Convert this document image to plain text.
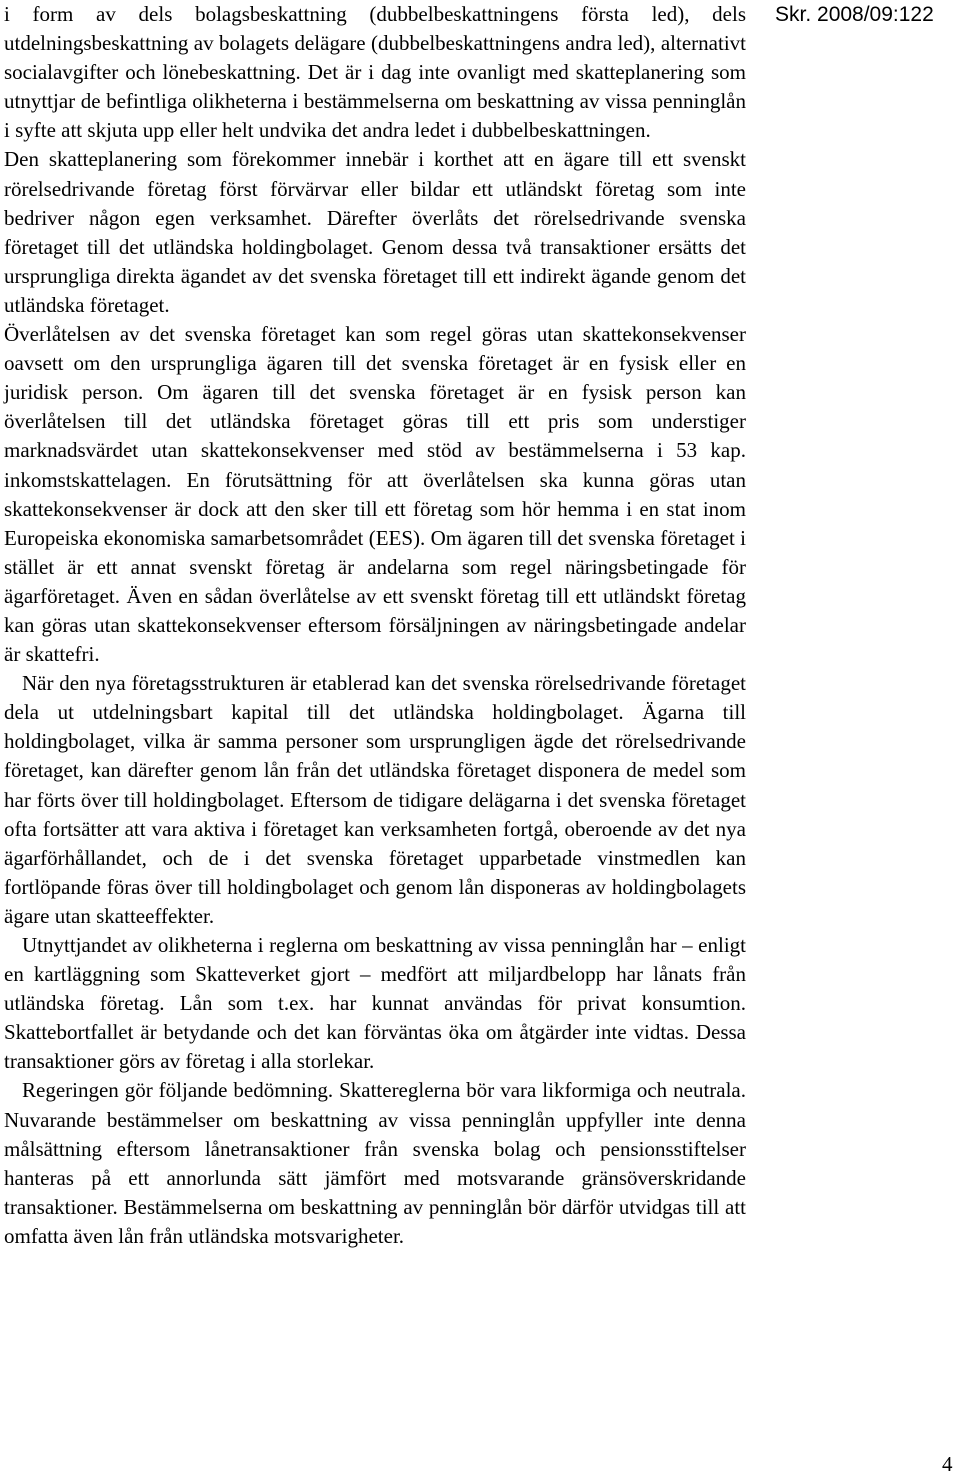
Skr. 2008/09:122

i form av dels bolagsbeskattning (dubbelbeskattningens första led), dels utdelningsbeskattning av bolagets delägare (dubbelbeskattningens andra led), alternativt socialavgifter och lönebeskattning. Det är i dag inte ovanligt med skatteplanering som utnyttjar de befintliga olikheterna i bestämmelserna om beskattning av vissa penninglån i syfte att skjuta upp eller helt undvika det andra ledet i dubbelbeskattningen.

Den skatteplanering som förekommer innebär i korthet att en ägare till ett svenskt rörelsedrivande företag först förvärvar eller bildar ett utländskt företag som inte bedriver någon egen verksamhet. Därefter överlåts det rörelsedrivande svenska företaget till det utländska holdingbolaget. Genom dessa två transaktioner ersätts det ursprungliga direkta ägandet av det svenska företaget till ett indirekt ägande genom det utländska företaget.

Överlåtelsen av det svenska företaget kan som regel göras utan skattekonsekvenser oavsett om den ursprungliga ägaren till det svenska företaget är en fysisk eller en juridisk person. Om ägaren till det svenska företaget är en fysisk person kan överlåtelsen till det utländska företaget göras till ett pris som understiger marknadsvärdet utan skattekonsekvenser med stöd av bestämmelserna i 53 kap. inkomstskattelagen. En förutsättning för att överlåtelsen ska kunna göras utan skattekonsekvenser är dock att den sker till ett företag som hör hemma i en stat inom Europeiska ekonomiska samarbetsområdet (EES). Om ägaren till det svenska företaget i stället är ett annat svenskt företag är andelarna som regel näringsbetingade för ägarföretaget. Även en sådan överlåtelse av ett svenskt företag till ett utländskt företag kan göras utan skattekonsekvenser eftersom försäljningen av näringsbetingade andelar är skattefri.

När den nya företagsstrukturen är etablerad kan det svenska rörelsedrivande företaget dela ut utdelningsbart kapital till det utländska holdingbolaget. Ägarna till holdingbolaget, vilka är samma personer som ursprungligen ägde det rörelsedrivande företaget, kan därefter genom lån från det utländska företaget disponera de medel som har förts över till holdingbolaget. Eftersom de tidigare delägarna i det svenska företaget ofta fortsätter att vara aktiva i företaget kan verksamheten fortgå, oberoende av det nya ägarförhållandet, och de i det svenska företaget upparbetade vinstmedlen kan fortlöpande föras över till holdingbolaget och genom lån disponeras av holdingbolagets ägare utan skatteeffekter.

Utnyttjandet av olikheterna i reglerna om beskattning av vissa penninglån har – enligt en kartläggning som Skatteverket gjort – medfört att miljardbelopp har lånats från utländska företag. Lån som t.ex. har kunnat användas för privat konsumtion. Skattebortfallet är betydande och det kan förväntas öka om åtgärder inte vidtas. Dessa transaktioner görs av företag i alla storlekar.

Regeringen gör följande bedömning. Skattereglerna bör vara likformiga och neutrala. Nuvarande bestämmelser om beskattning av vissa penninglån uppfyller inte denna målsättning eftersom lånetransaktioner från svenska bolag och pensionsstiftelser hanteras på ett annorlunda sätt jämfört med motsvarande gränsöverskridande transaktioner. Bestämmelserna om beskattning av penninglån bör därför utvidgas till att omfatta även lån från utländska motsvarigheter.

4
